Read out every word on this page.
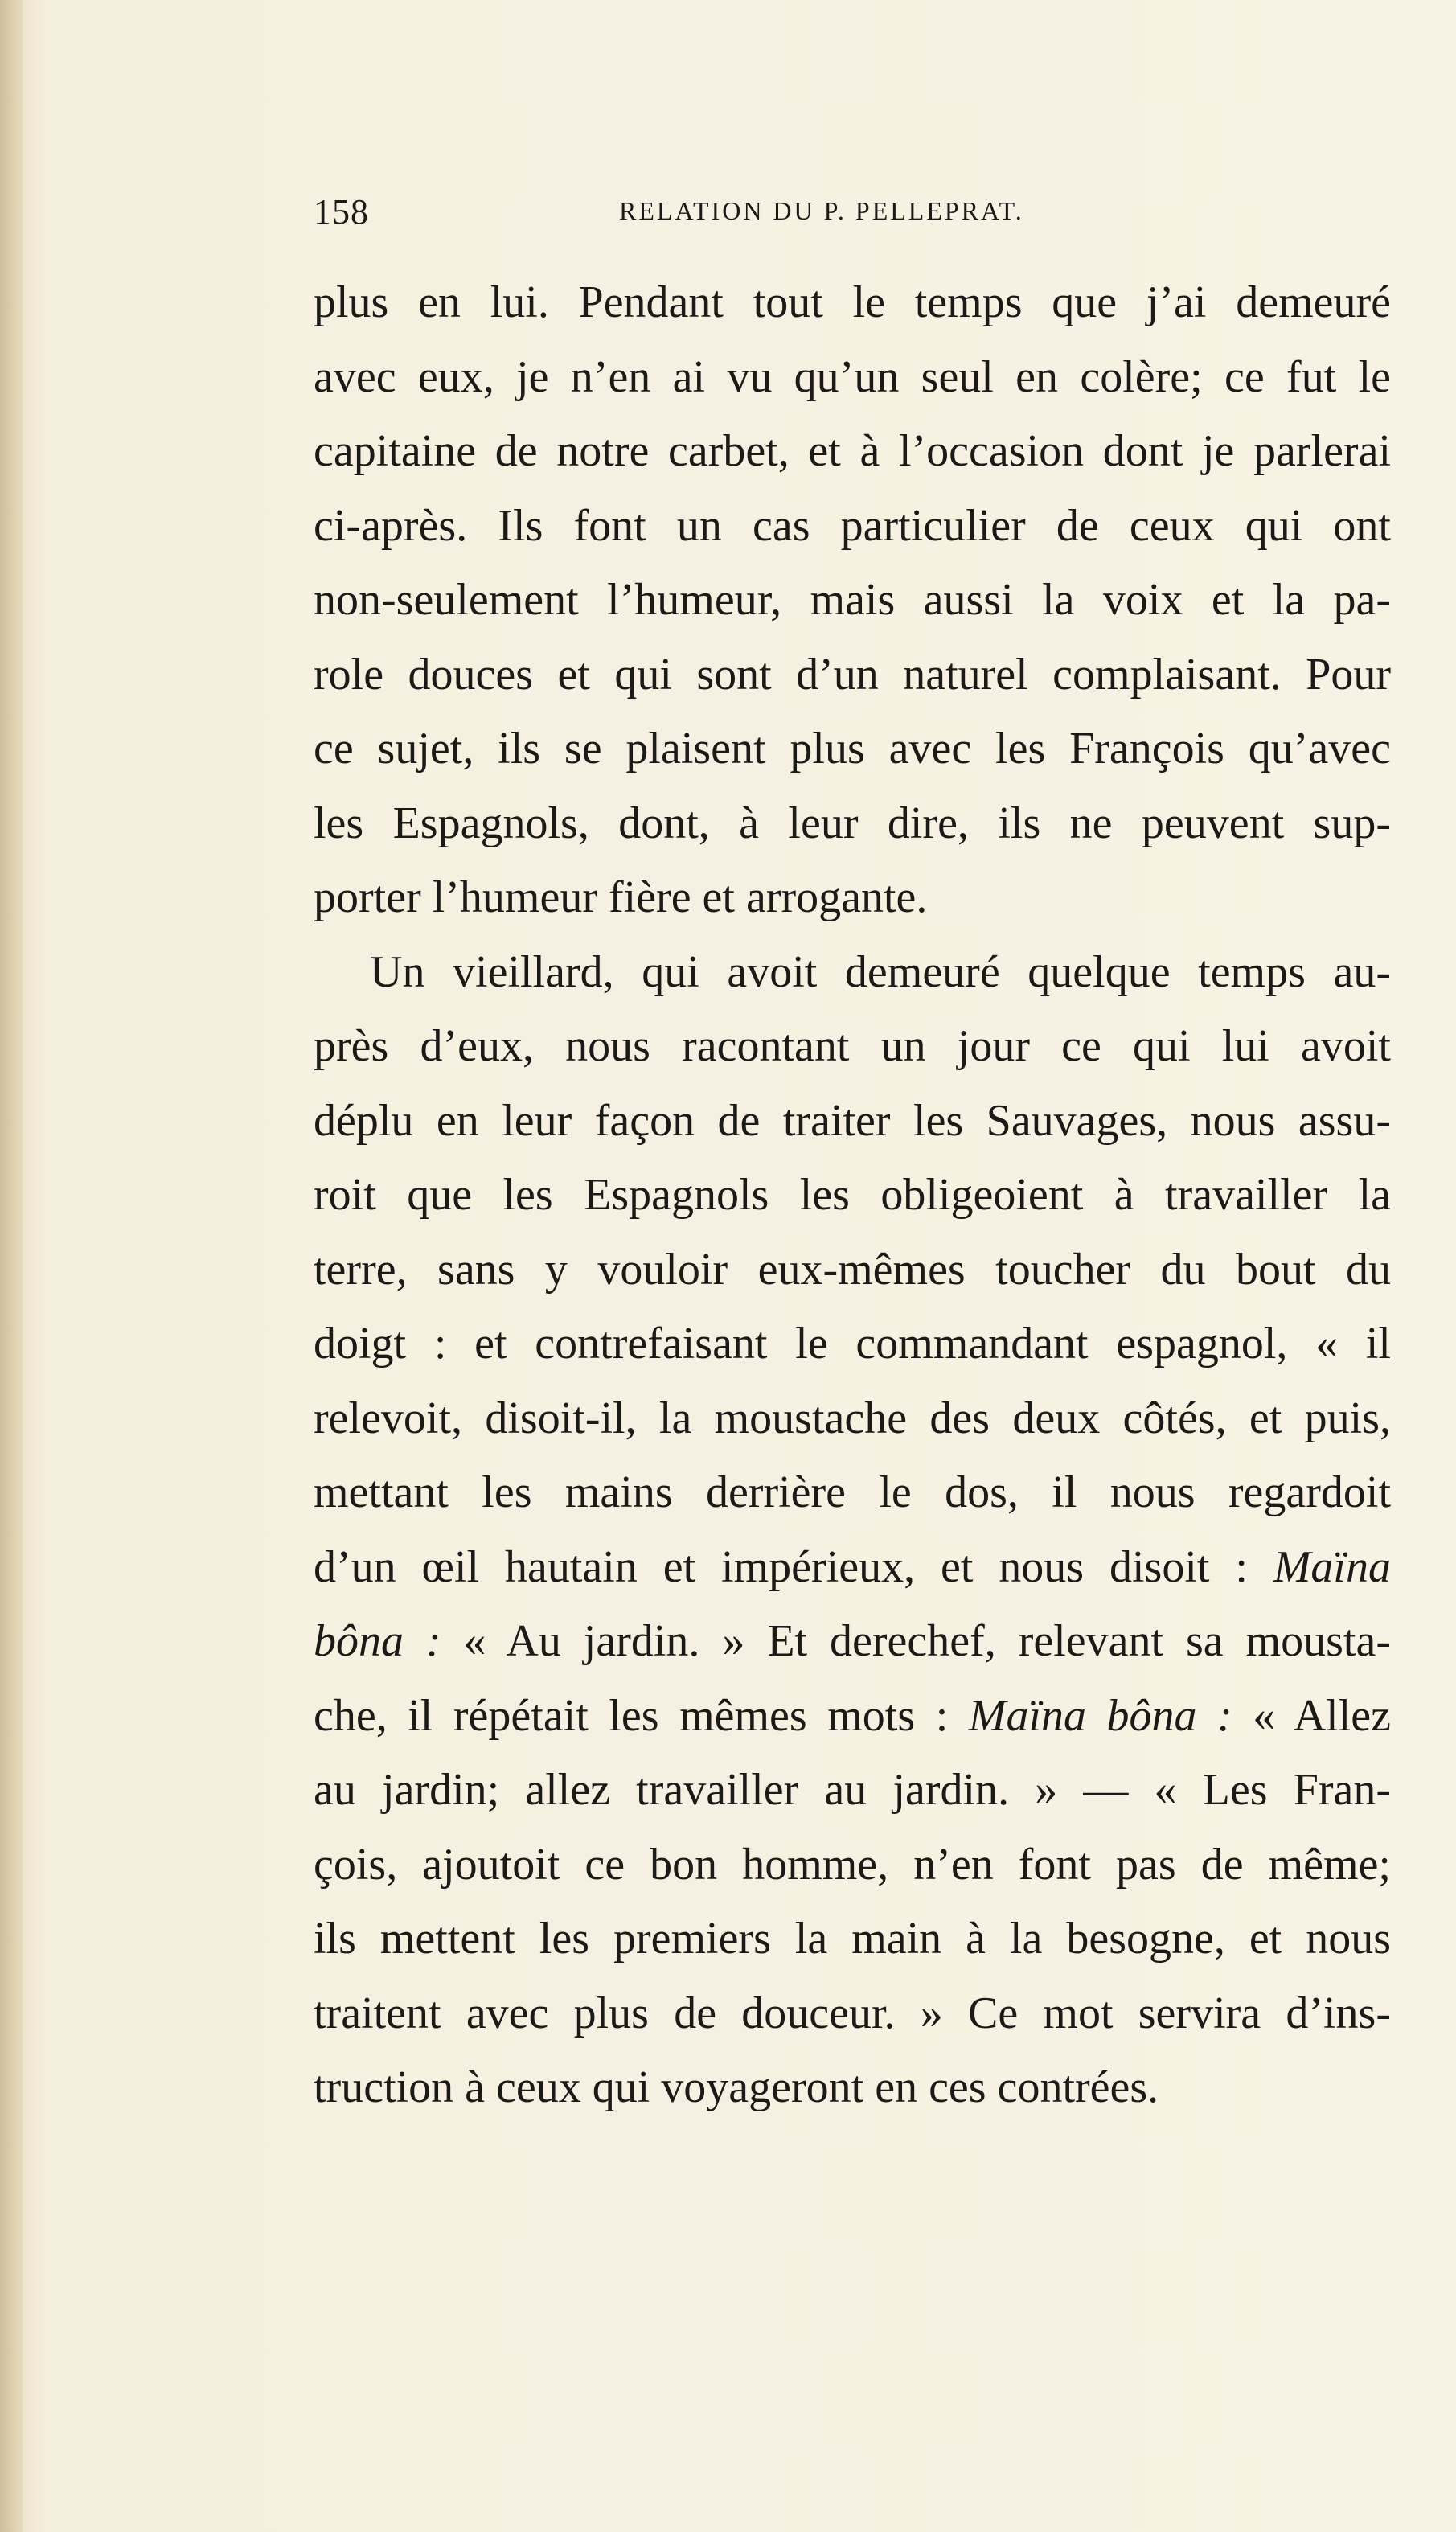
158	RELATION DU P. PELLEPRAT.
plus en lui. Pendant tout le temps que j’ai demeuré
avec eux, je n’en ai vu qu’un seul en colère; ce fut le
capitaine de notre carbet, et à l’occasion dont je parlerai
ci-après. Ils font un cas particulier de ceux qui ont
non-seulement l’humeur, mais aussi la voix et la pa-
role douces et qui sont d’un naturel complaisant. Pour
ce sujet, ils se plaisent plus avec les François qu’avec
les Espagnols, dont, à leur dire, ils ne peuvent sup-
porter l’humeur fière et arrogante.
Un vieillard, qui avoit demeuré quelque temps au-
près d’eux, nous racontant un jour ce qui lui avoit
déplu en leur façon de traiter les Sauvages, nous assu-
roit que les Espagnols les obligeoient à travailler la
terre, sans y vouloir eux-mêmes toucher du bout du
doigt : et contrefaisant le commandant espagnol, « il
relevoit, disoit-il, la moustache des deux côtés, et puis,
mettant les mains derrière le dos, il nous regardoit
d’un œil hautain et impérieux, et nous disoit : Maïna
bôna : « Au jardin. » Et derechef, relevant sa mousta-
che, il répétait les mêmes mots : Maïna bôna : « Allez
au jardin; allez travailler au jardin. » — « Les Fran-
çois, ajoutoit ce bon homme, n’en font pas de même;
ils mettent les premiers la main à la besogne, et nous
traitent avec plus de douceur. » Ce mot servira d’ins-
truction à ceux qui voyageront en ces contrées.
